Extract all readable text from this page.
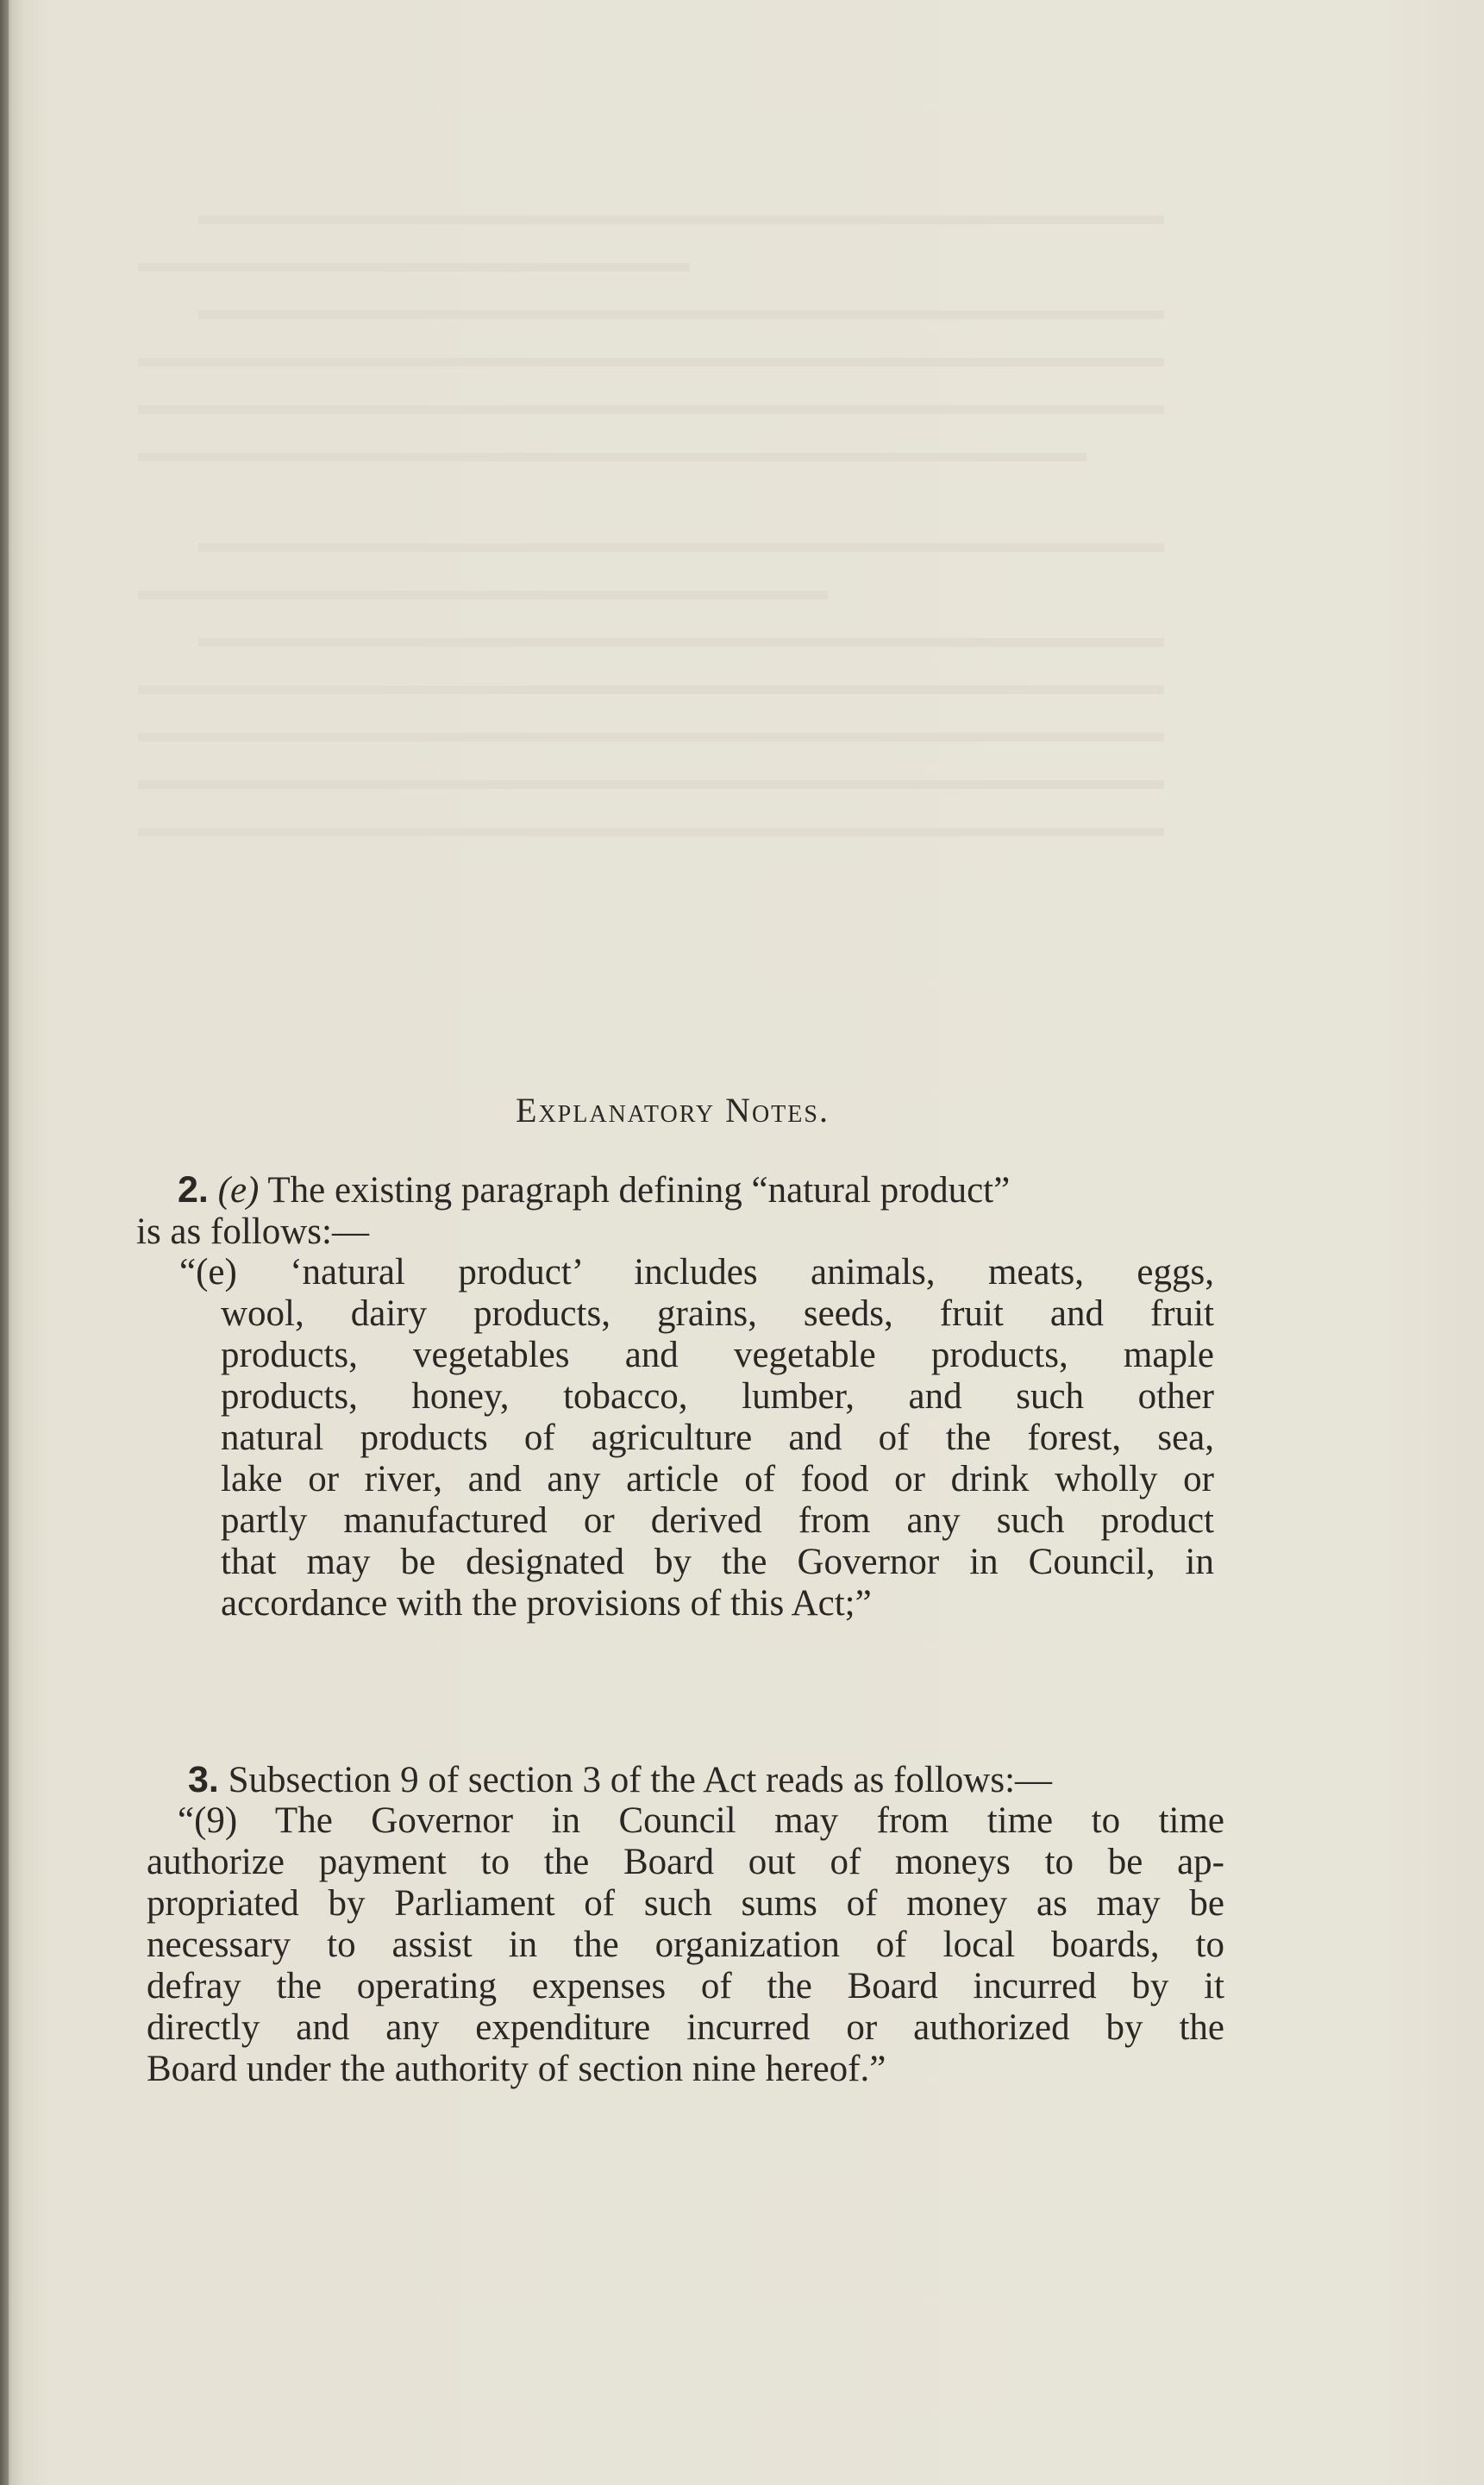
Explanatory Notes.
2. (e) The existing paragraph defining “natural product”
is as follows:—
“(e) ‘natural product’ includes animals, meats, eggs,
wool, dairy products, grains, seeds, fruit and fruit
products, vegetables and vegetable products, maple
products, honey, tobacco, lumber, and such other
natural products of agriculture and of the forest, sea,
lake or river, and any article of food or drink wholly or
partly manufactured or derived from any such product
that may be designated by the Governor in Council, in
accordance with the provisions of this Act;”
3. Subsection 9 of section 3 of the Act reads as follows:—
“(9) The Governor in Council may from time to time
authorize payment to the Board out of moneys to be ap-
propriated by Parliament of such sums of money as may be
necessary to assist in the organization of local boards, to
defray the operating expenses of the Board incurred by it
directly and any expenditure incurred or authorized by the
Board under the authority of section nine hereof.”
